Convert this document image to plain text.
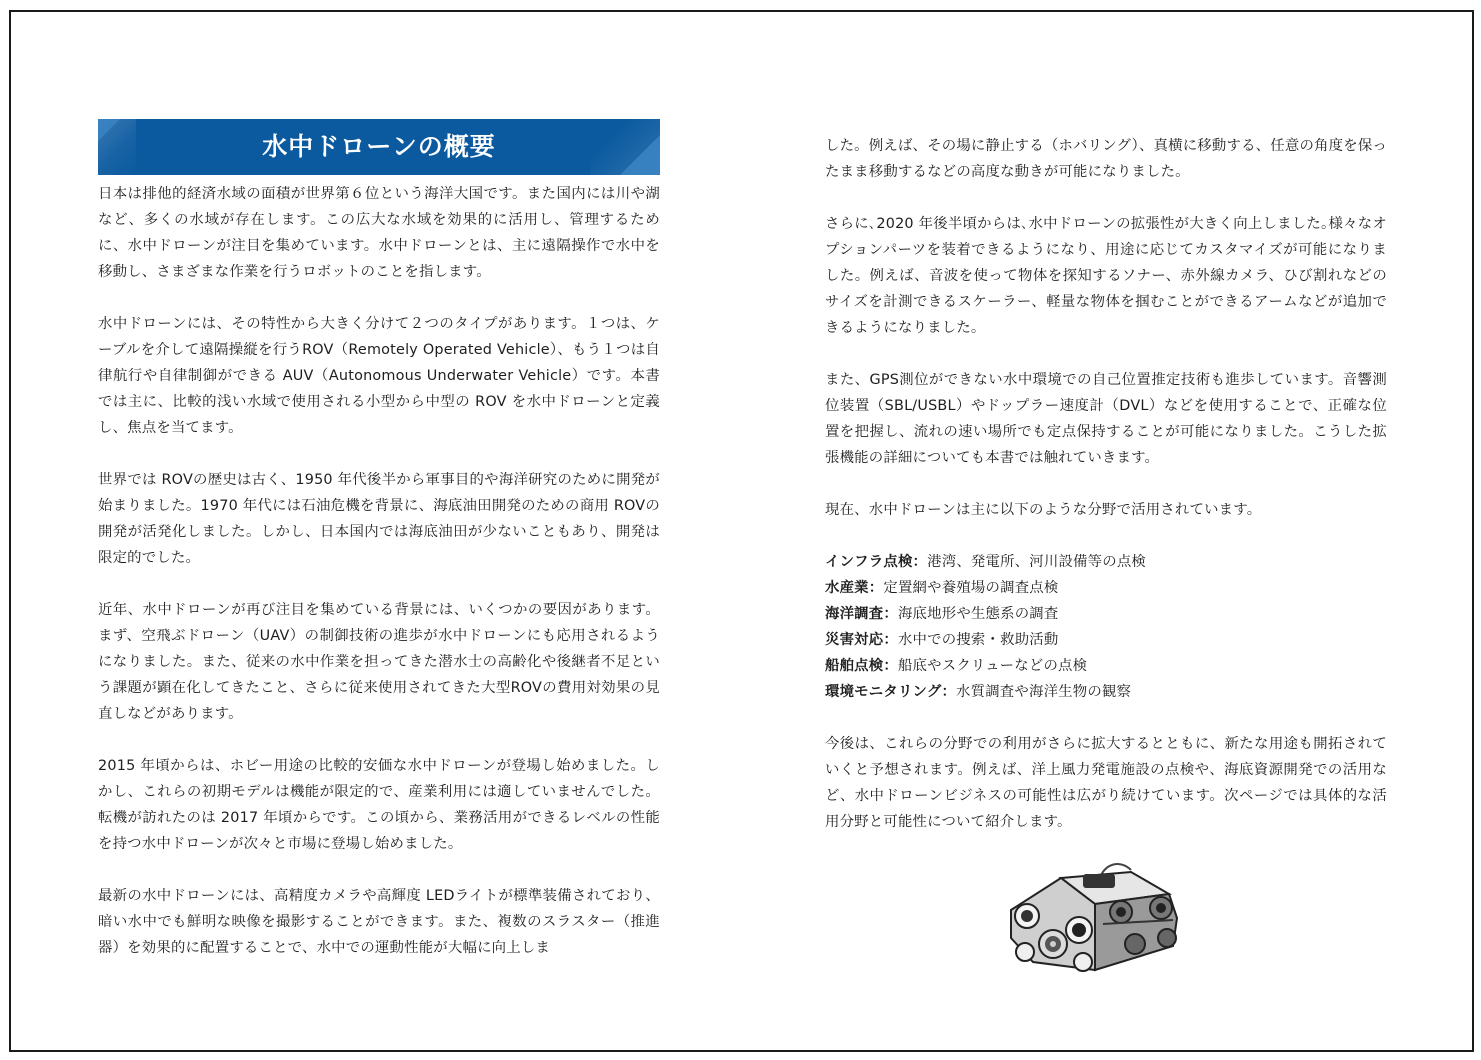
水中ドローンの概要

日本は排他的経済水域の面積が世界第６位という海洋大国です。また国内には川や湖など、多くの水域が存在します。この広大な水域を効果的に活用し、管理するために、水中ドローンが注目を集めています。水中ドローンとは、主に遠隔操作で水中を移動し、さまざまな作業を行うロボットのことを指します。

水中ドローンには、その特性から大きく分けて２つのタイプがあります。１つは、ケーブルを介して遠隔操縦を行うROV（Remotely Operated Vehicle）、もう１つは自律航行や自律制御ができる AUV（Autonomous Underwater Vehicle）です。本書では主に、比較的浅い水域で使用される小型から中型の ROV を水中ドローンと定義し、焦点を当てます。

世界では ROVの歴史は古く、1950 年代後半から軍事目的や海洋研究のために開発が始まりました。1970 年代には石油危機を背景に、海底油田開発のための商用 ROVの開発が活発化しました。しかし、日本国内では海底油田が少ないこともあり、開発は限定的でした。

近年、水中ドローンが再び注目を集めている背景には、いくつかの要因があります。まず、空飛ぶドローン（UAV）の制御技術の進歩が水中ドローンにも応用されるようになりました。また、従来の水中作業を担ってきた潜水士の高齢化や後継者不足という課題が顕在化してきたこと、さらに従来使用されてきた大型ROVの費用対効果の見直しなどがあります。

2015 年頃からは、ホビー用途の比較的安価な水中ドローンが登場し始めました。しかし、これらの初期モデルは機能が限定的で、産業利用には適していませんでした。転機が訪れたのは 2017 年頃からです。この頃から、業務活用ができるレベルの性能を持つ水中ドローンが次々と市場に登場し始めました。

最新の水中ドローンには、高精度カメラや高輝度 LEDライトが標準装備されており、暗い水中でも鮮明な映像を撮影することができます。また、複数のスラスター（推進器）を効果的に配置することで、水中での運動性能が大幅に向上しま

した。例えば、その場に静止する（ホバリング）、真横に移動する、任意の角度を保ったまま移動するなどの高度な動きが可能になりました。

さらに､2020 年後半頃からは､水中ドローンの拡張性が大きく向上しました｡様々なオプションパーツを装着できるようになり、用途に応じてカスタマイズが可能になりました。例えば、音波を使って物体を探知するソナー、赤外線カメラ、ひび割れなどのサイズを計測できるスケーラー、軽量な物体を掴むことができるアームなどが追加できるようになりました。

また、GPS測位ができない水中環境での自己位置推定技術も進歩しています。音響測位装置（SBL/USBL）やドップラー速度計（DVL）などを使用することで、正確な位置を把握し、流れの速い場所でも定点保持することが可能になりました。こうした拡張機能の詳細についても本書では触れていきます。

現在、水中ドローンは主に以下のような分野で活用されています。

インフラ点検：港湾、発電所、河川設備等の点検
水産業：定置網や養殖場の調査点検
海洋調査：海底地形や生態系の調査
災害対応：水中での捜索・救助活動
船舶点検：船底やスクリューなどの点検
環境モニタリング：水質調査や海洋生物の観察

今後は、これらの分野での利用がさらに拡大するとともに、新たな用途も開拓されていくと予想されます。例えば、洋上風力発電施設の点検や、海底資源開発での活用など、水中ドローンビジネスの可能性は広がり続けています。次ページでは具体的な活用分野と可能性について紹介します。
